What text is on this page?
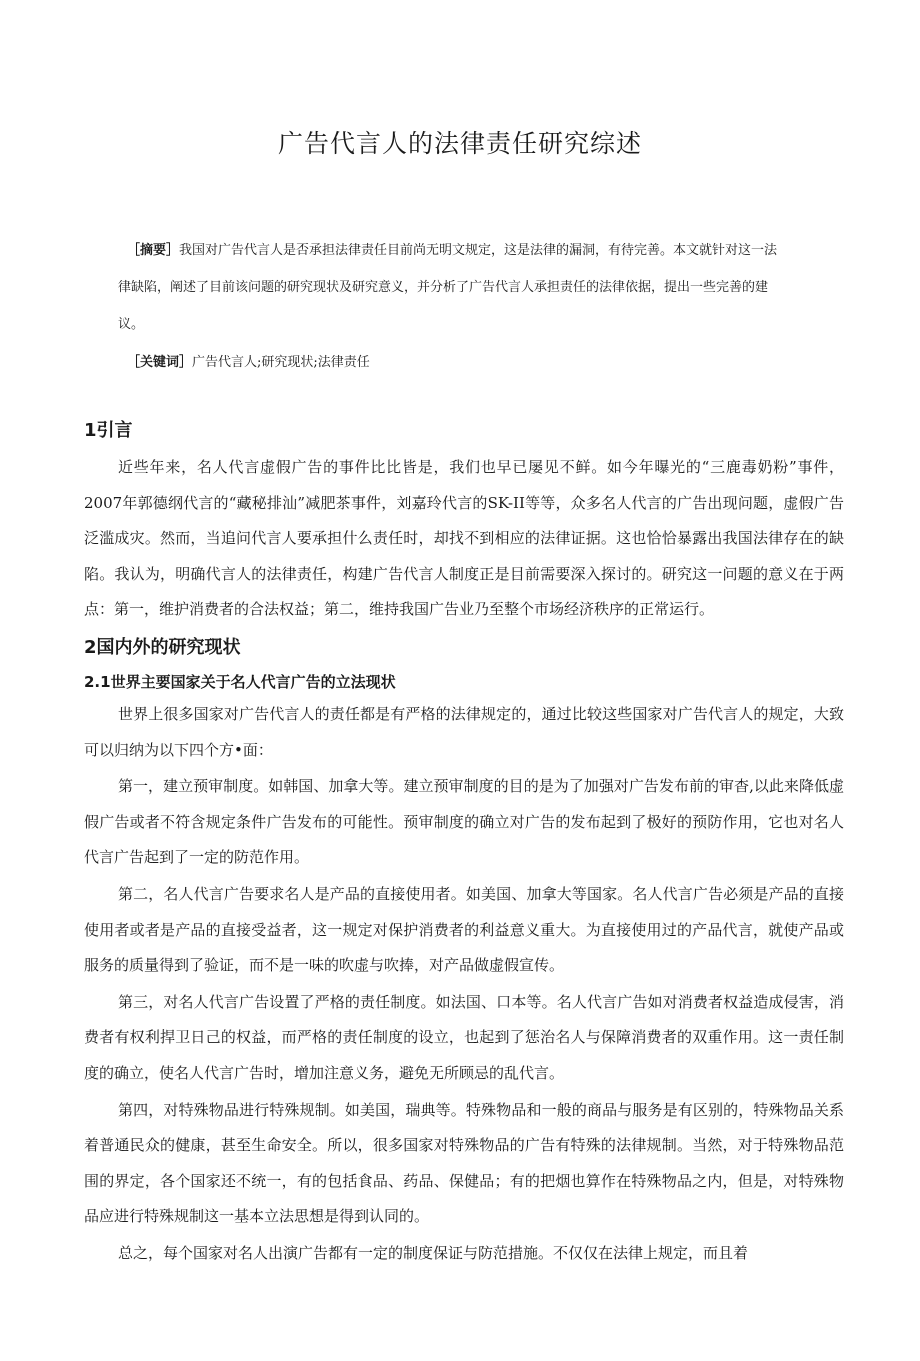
广告代言人的法律责任研究综述

［摘要］我国对广告代言人是否承担法律责任目前尚无明文规定，这是法律的漏洞，有待完善。本文就针对这一法律缺陷，阐述了目前该问题的研究现状及研究意义，并分析了广告代言人承担责任的法律依据，提出一些完善的建议。

［关键词］广告代言人;研究现状;法律责任

1引言

近些年来，名人代言虚假广告的事件比比皆是，我们也早已屡见不鲜。如今年曝光的“三鹿毒奶粉”事件，2007年郭德纲代言的“藏秘排汕”减肥茶事件，刘嘉玲代言的SK-II等等，众多名人代言的广告出现问题，虚假广告泛滥成灾。然而，当追问代言人要承担什么责任时，却找不到相应的法律证据。这也恰恰暴露出我国法律存在的缺陷。我认为，明确代言人的法律责任，构建广告代言人制度正是目前需要深入探讨的。研究这一问题的意义在于两点：第一，维护消费者的合法权益；第二，维持我国广告业乃至整个市场经济秩序的正常运行。

2国内外的研究现状
2.1世界主要国家关于名人代言广告的立法现状

世界上很多国家对广告代言人的责任都是有严格的法律规定的，通过比较这些国家对广告代言人的规定，大致可以归纳为以下四个方•面：

第一，建立预审制度。如韩国、加拿大等。建立预审制度的目的是为了加强对广告发布前的审杳,以此来降低虚假广告或者不符含规定条件广告发布的可能性。预审制度的确立对广告的发布起到了极好的预防作用，它也对名人代言广告起到了一定的防范作用。

第二，名人代言广告要求名人是产品的直接使用者。如美国、加拿大等国家。名人代言广告必须是产品的直接使用者或者是产品的直接受益者，这一规定对保护消费者的利益意义重大。为直接使用过的产品代言，就使产品或服务的质量得到了验证，而不是一味的吹虚与吹捧，对产品做虚假宣传。

第三，对名人代言广告设置了严格的责任制度。如法国、口本等。名人代言广告如对消费者权益造成侵害，消费者有权利捍卫日己的权益，而严格的责任制度的设立，也起到了惩治名人与保障消费者的双重作用。这一责任制度的确立，使名人代言广告时，增加注意义务，避免无所顾忌的乱代言。

第四，对特殊物品进行特殊规制。如美国，瑞典等。特殊物品和一般的商品与服务是有区别的，特殊物品关系着普通民众的健康，甚至生命安全。所以，很多国家对特殊物品的广告有特殊的法律规制。当然，对于特殊物品范围的界定，各个国家还不统一，有的包括食品、药品、保健品；有的把烟也算作在特殊物品之内，但是，对特殊物品应进行特殊规制这一基本立法思想是得到认同的。

总之，每个国家对名人出演广告都有一定的制度保证与防范措施。不仅仅在法律上规定，而且着
